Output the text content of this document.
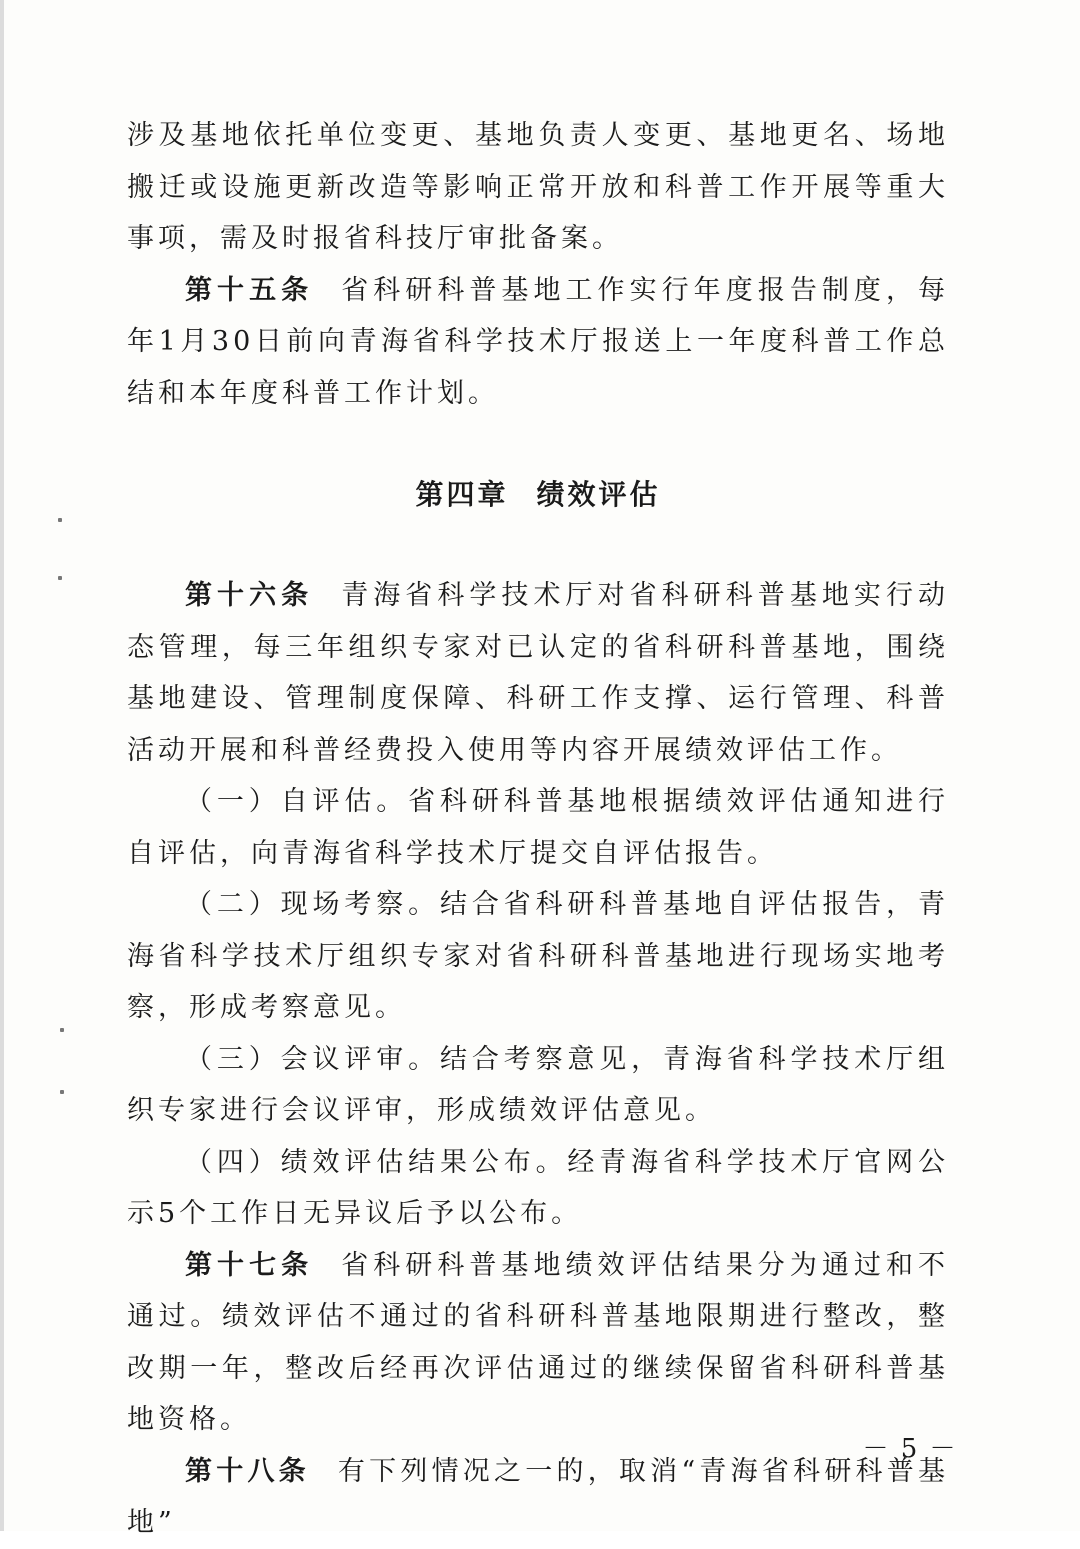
涉及基地依托单位变更、基地负责人变更、基地更名、场地搬迁或设施更新改造等影响正常开放和科普工作开展等重大事项，需及时报省科技厅审批备案。

第十五条 省科研科普基地工作实行年度报告制度，每年1月30日前向青海省科学技术厅报送上一年度科普工作总结和本年度科普工作计划。

第四章 绩效评估

第十六条 青海省科学技术厅对省科研科普基地实行动态管理，每三年组织专家对已认定的省科研科普基地，围绕基地建设、管理制度保障、科研工作支撑、运行管理、科普活动开展和科普经费投入使用等内容开展绩效评估工作。

（一）自评估。省科研科普基地根据绩效评估通知进行自评估，向青海省科学技术厅提交自评估报告。

（二）现场考察。结合省科研科普基地自评估报告，青海省科学技术厅组织专家对省科研科普基地进行现场实地考察，形成考察意见。

（三）会议评审。结合考察意见，青海省科学技术厅组织专家进行会议评审，形成绩效评估意见。

（四）绩效评估结果公布。经青海省科学技术厅官网公示5个工作日无异议后予以公布。

第十七条 省科研科普基地绩效评估结果分为通过和不通过。绩效评估不通过的省科研科普基地限期进行整改，整改期一年，整改后经再次评估通过的继续保留省科研科普基地资格。

第十八条 有下列情况之一的，取消“青海省科研科普基地”

－ 5 －
